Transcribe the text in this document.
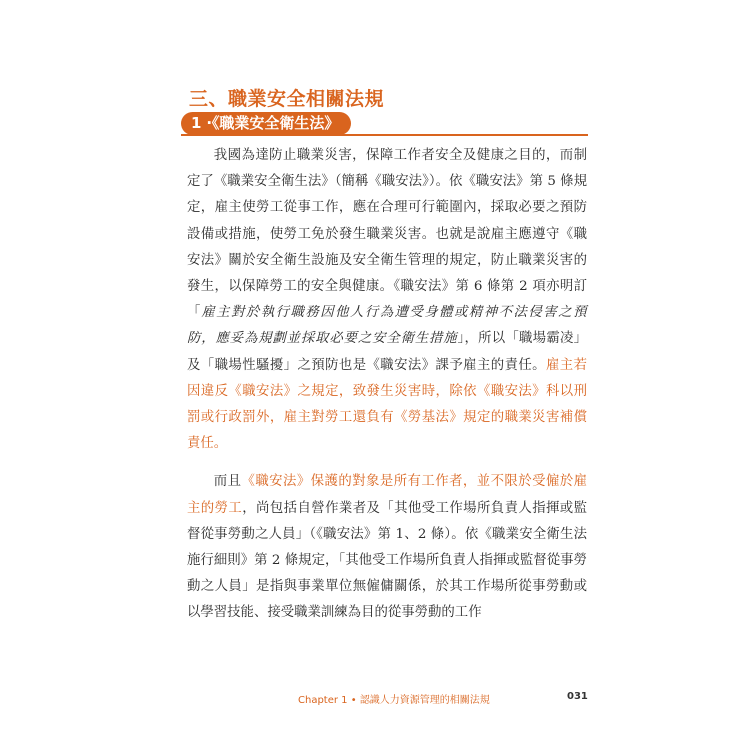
三、職業安全相關法規
1 ‧《職業安全衛生法》

我國為達防止職業災害，保障工作者安全及健康之目的，而制定了《職業安全衛生法》（簡稱《職安法》）。依《職安法》第 5 條規定，雇主使勞工從事工作，應在合理可行範圍內，採取必要之預防設備或措施，使勞工免於發生職業災害。也就是說雇主應遵守《職安法》關於安全衛生設施及安全衛生管理的規定，防止職業災害的發生，以保障勞工的安全與健康。《職安法》第 6 條第 2 項亦明訂「雇主對於執行職務因他人行為遭受身體或精神不法侵害之預防，應妥為規劃並採取必要之安全衛生措施」，所以「職場霸凌」及「職場性騷擾」之預防也是《職安法》課予雇主的責任。雇主若因違反《職安法》之規定，致發生災害時，除依《職安法》科以刑罰或行政罰外，雇主對勞工還負有《勞基法》規定的職業災害補償責任。

而且《職安法》保護的對象是所有工作者，並不限於受僱於雇主的勞工，尚包括自營作業者及「其他受工作場所負責人指揮或監督從事勞動之人員」（《職安法》第 1、2 條）。依《職業安全衛生法施行細則》第 2 條規定，「其他受工作場所負責人指揮或監督從事勞動之人員」是指與事業單位無僱傭關係，於其工作場所從事勞動或以學習技能、接受職業訓練為目的從事勞動的工作

Chapter 1 • 認識人力資源管理的相關法規	031
